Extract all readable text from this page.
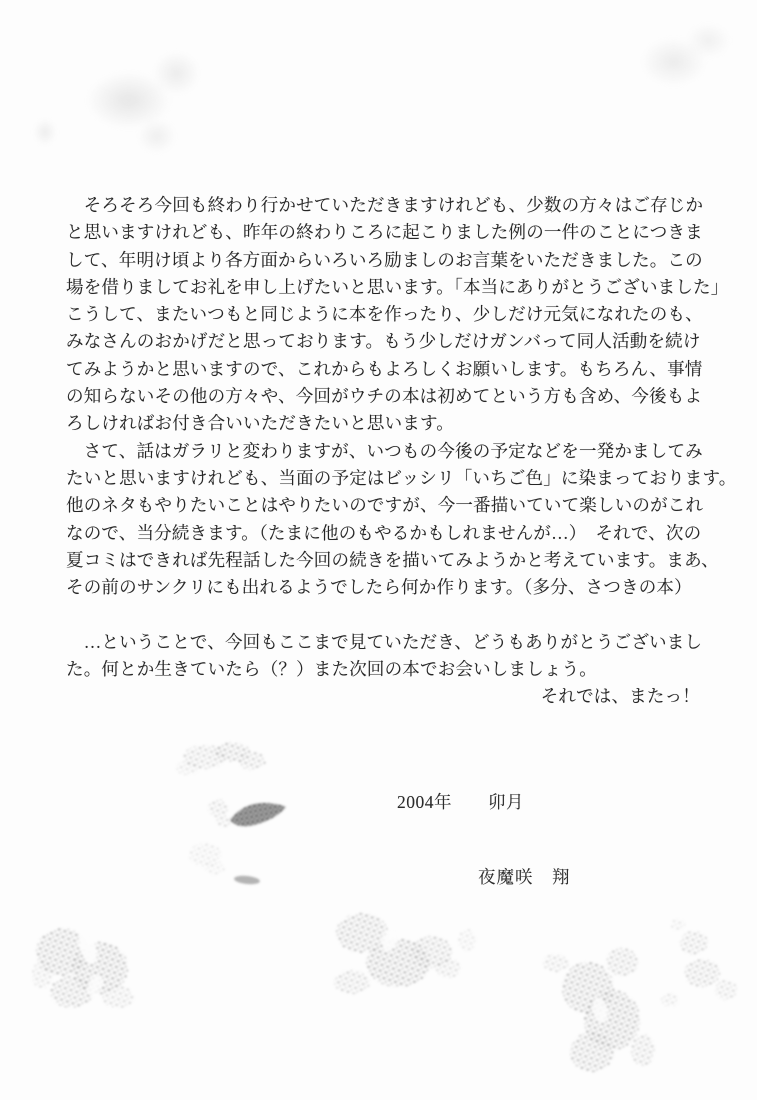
　そろそろ今回も終わり行かせていただきますけれども、少数の方々はご存じか
と思いますけれども、昨年の終わりころに起こりました例の一件のことにつきま
して、年明け頃より各方面からいろいろ励ましのお言葉をいただきました。この
場を借りましてお礼を申し上げたいと思います。「本当にありがとうございました」
こうして、またいつもと同じように本を作ったり、少しだけ元気になれたのも、
みなさんのおかげだと思っております。もう少しだけガンバって同人活動を続け
てみようかと思いますので、これからもよろしくお願いします。もちろん、事情
の知らないその他の方々や、今回がウチの本は初めてという方も含め、今後もよ
ろしければお付き合いいただきたいと思います。
　さて、話はガラリと変わりますが、いつもの今後の予定などを一発かましてみ
たいと思いますけれども、当面の予定はビッシリ「いちご色」に染まっております。
他のネタもやりたいことはやりたいのですが、今一番描いていて楽しいのがこれ
なので、当分続きます。（たまに他のもやるかもしれませんが…）　それで、次の
夏コミはできれば先程話した今回の続きを描いてみようかと考えています。まあ、
その前のサンクリにも出れるようでしたら何か作ります。（多分、さつきの本）
　…ということで、今回もここまで見ていただき、どうもありがとうございまし
た。何とか生きていたら（？）また次回の本でお会いしましょう。
それでは、またっ！
2004年　　卯月
夜魔咲　翔
